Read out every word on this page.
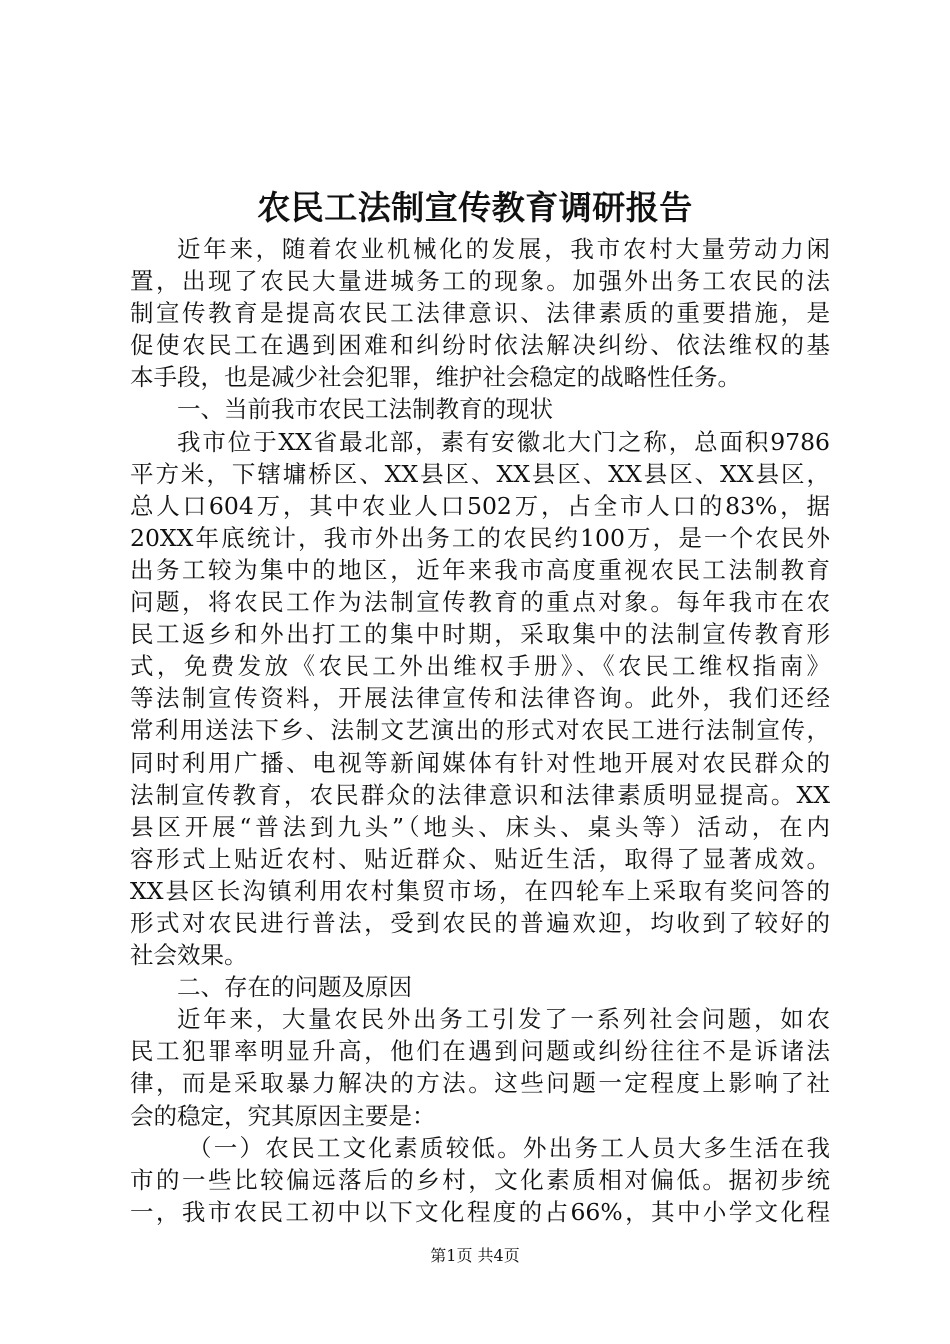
农民工法制宣传教育调研报告
近年来，随着农业机械化的发展，我市农村大量劳动力闲
置，出现了农民大量进城务工的现象。加强外出务工农民的法
制宣传教育是提高农民工法律意识、法律素质的重要措施，是
促使农民工在遇到困难和纠纷时依法解决纠纷、依法维权的基
本手段，也是减少社会犯罪，维护社会稳定的战略性任务。
一、当前我市农民工法制教育的现状
我市位于XX省最北部，素有安徽北大门之称，总面积9786
平方米，下辖墉桥区、XX县区、XX县区、XX县区、XX县区，
总人口604万，其中农业人口502万，占全市人口的83%，据
20XX年底统计，我市外出务工的农民约100万，是一个农民外
出务工较为集中的地区，近年来我市高度重视农民工法制教育
问题，将农民工作为法制宣传教育的重点对象。每年我市在农
民工返乡和外出打工的集中时期，采取集中的法制宣传教育形
式，免费发放《农民工外出维权手册》、《农民工维权指南》
等法制宣传资料，开展法律宣传和法律咨询。此外，我们还经
常利用送法下乡、法制文艺演出的形式对农民工进行法制宣传，
同时利用广播、电视等新闻媒体有针对性地开展对农民群众的
法制宣传教育，农民群众的法律意识和法律素质明显提高。XX
县区开展“普法到九头”（地头、床头、桌头等）活动，在内
容形式上贴近农村、贴近群众、贴近生活，取得了显著成效。
XX县区长沟镇利用农村集贸市场，在四轮车上采取有奖问答的
形式对农民进行普法，受到农民的普遍欢迎，均收到了较好的
社会效果。
二、存在的问题及原因
近年来，大量农民外出务工引发了一系列社会问题，如农
民工犯罪率明显升高，他们在遇到问题或纠纷往往不是诉诸法
律，而是采取暴力解决的方法。这些问题一定程度上影响了社
会的稳定，究其原因主要是：
（一）农民工文化素质较低。外出务工人员大多生活在我
市的一些比较偏远落后的乡村，文化素质相对偏低。据初步统
一，我市农民工初中以下文化程度的占66%，其中小学文化程
第1页 共4页
